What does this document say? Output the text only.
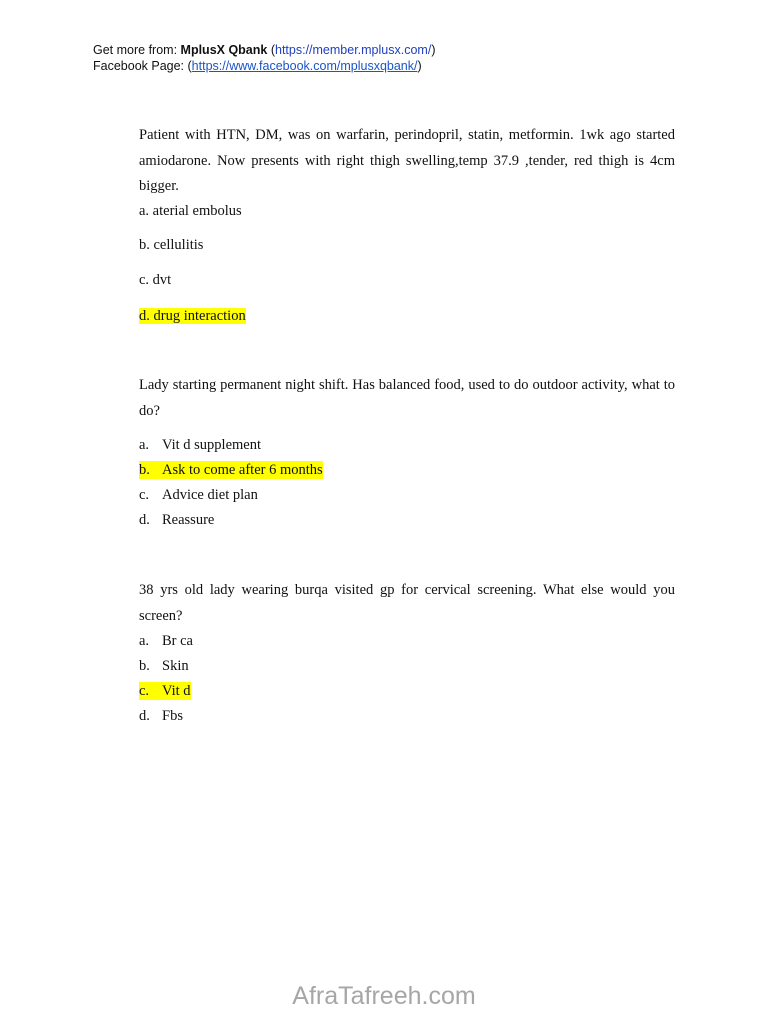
Get more from: MplusX Qbank (https://member.mplusx.com/)
Facebook Page: (https://www.facebook.com/mplusxqbank/)

Patient with HTN, DM, was on warfarin, perindopril, statin, metformin. 1wk ago started amiodarone. Now presents with right thigh swelling,temp 37.9 ,tender, red thigh is 4cm bigger.

a. aterial embolus
b. cellulitis
c. dvt
d. drug interaction

Lady starting permanent night shift. Has balanced food, used to do outdoor activity, what to do?

a. Vit d supplement
b. Ask to come after 6 months
c. Advice diet plan
d. Reassure

38 yrs old lady wearing burqa visited gp for cervical screening. What else would you screen?

a. Br ca
b. Skin
c. Vit d
d. Fbs
AfraTafreeh.com
